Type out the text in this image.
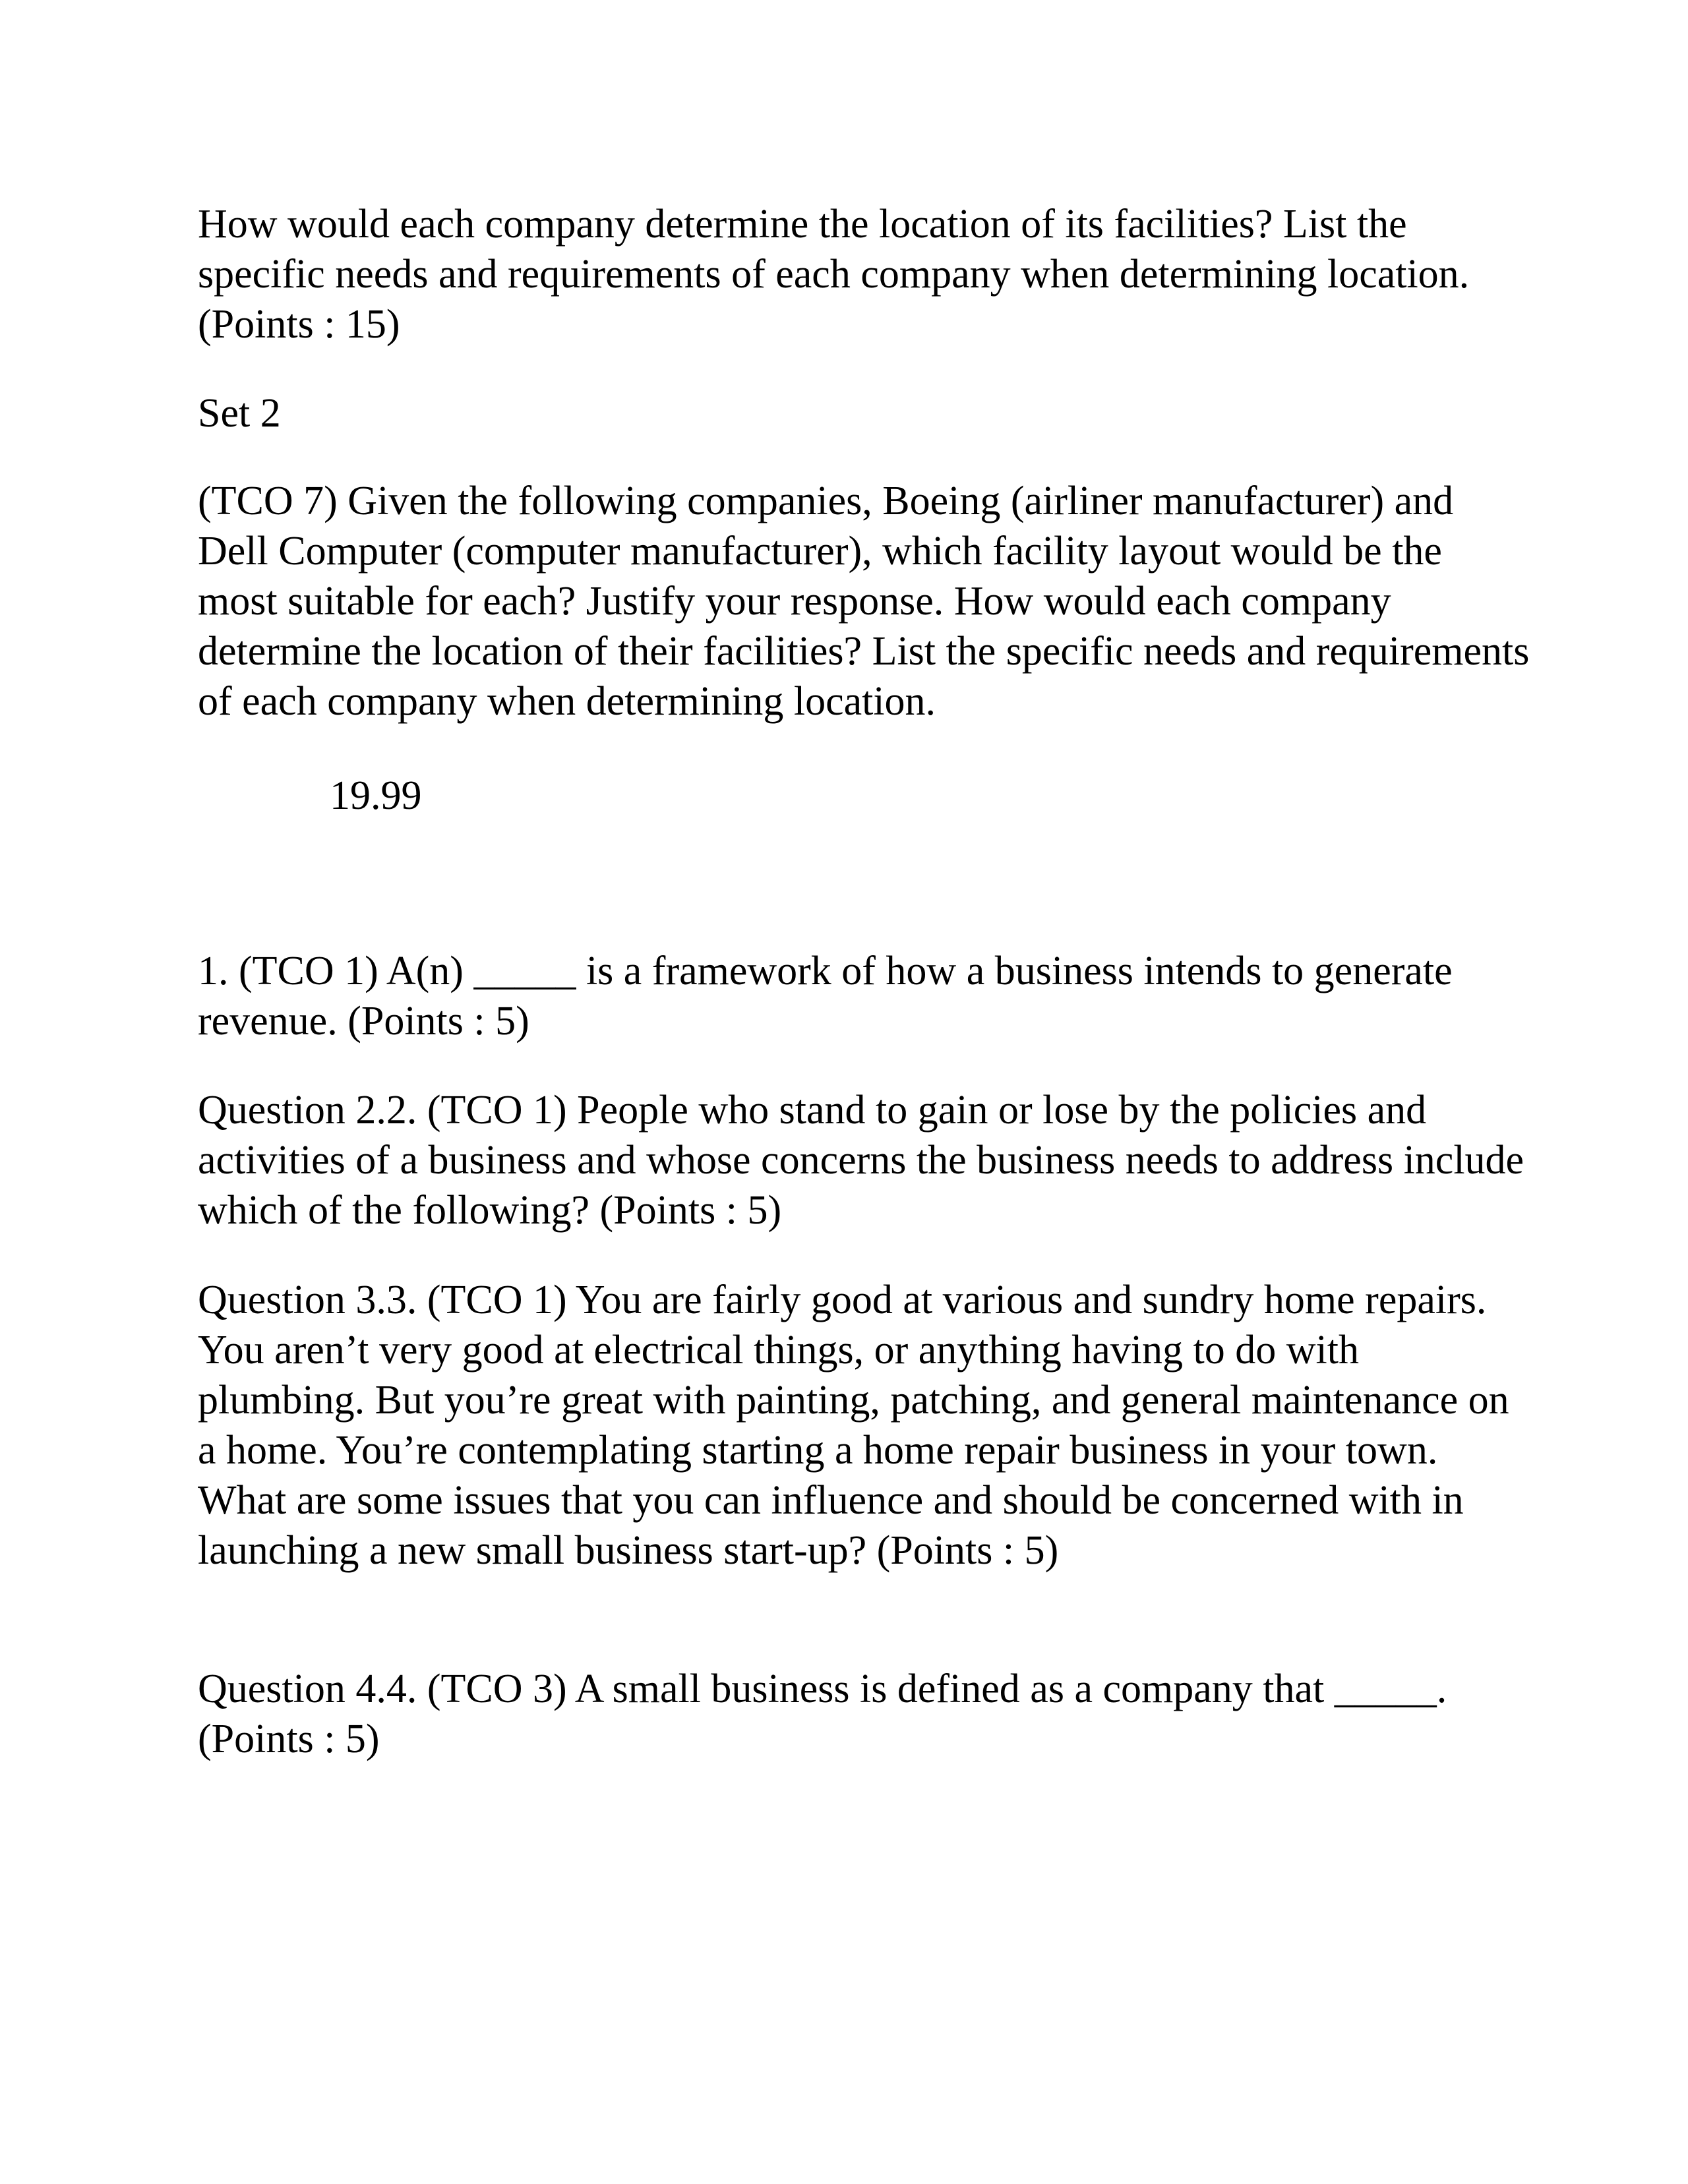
How would each company determine the location of its facilities? List the specific needs and requirements of each company when determining location. (Points : 15)

Set 2

(TCO 7) Given the following companies, Boeing (airliner manufacturer) and Dell Computer (computer manufacturer), which facility layout would be the most suitable for each? Justify your response. How would each company determine the location of their facilities? List the specific needs and requirements of each company when determining location.

19.99

1. (TCO 1) A(n) _____ is a framework of how a business intends to generate revenue. (Points : 5)

Question 2.2. (TCO 1) People who stand to gain or lose by the policies and activities of a business and whose concerns the business needs to address include which of the following? (Points : 5)

Question 3.3. (TCO 1) You are fairly good at various and sundry home repairs. You aren’t very good at electrical things, or anything having to do with plumbing. But you’re great with painting, patching, and general maintenance on a home. You’re contemplating starting a home repair business in your town. What are some issues that you can influence and should be concerned with in launching a new small business start-up? (Points : 5)

Question 4.4. (TCO 3) A small business is defined as a company that _____. (Points : 5)
